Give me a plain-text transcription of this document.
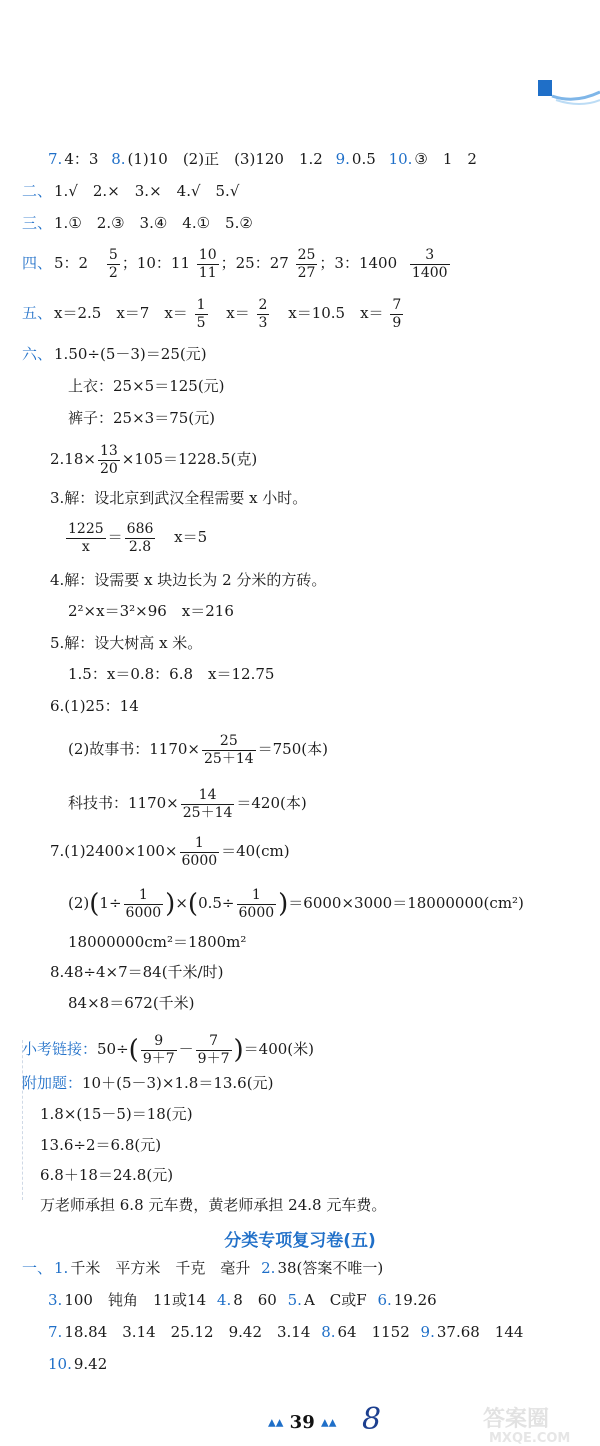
7. 4：3 8. (1)10　(2)正　(3)120　1.2 9. 0.5 10. ③　1　2
二、 1.√　2.×　3.×　4.√　5.√
三、 1.①　2.③　3.④　4.①　5.②
四、 5：$2 \frac{5}{2}$ ；10：$11 \frac{10}{11}$ ；25：$27 \frac{25}{27}$ ；3：$1400 \frac{3}{1400}$
五、 x＝2.5　x＝7　$x= \frac{1}{5} x= \frac{2}{3} x=10.5$　$x= \frac{7}{9}$
六、 1.50÷(5－3)＝25(元)
上衣：25×5＝125(元)
裤子：25×3＝75(元)
$2.18\times \frac{13}{20} \times 105=1228.5$(克)
3.解：设北京到武汉全程需要 x 小时。
$\frac{1225}{x} = \frac{686}{2.8} x=5$
4.解：设需要 x 块边长为 2 分米的方砖。
2²×x＝3²×96　x＝216
5.解：设大树高 x 米。
1.5：x＝0.8：6.8　x＝12.75
6.(1)25：14
(2)故事书：$1170\times \frac{25}{25+14} =750$(本)
科技书：$1170\times \frac{14}{25+14} =420$(本)
$7.(1)2400\times 100\times \frac{1}{6000} =40(cm)$
$(2)(1\div \frac{1}{6000} )\times(0.5\div \frac{1}{6000} )=6000\times 3000=18000000(cm^2)$
18000000cm²＝1800m²
8.48÷4×7＝84(千米/时)
84×8＝672(千米)
小考链接：$50\div( \frac{9}{9+7} - \frac{7}{9+7} )=400$(米)
附加题：10＋(5－3)×1.8＝13.6(元)
1.8×(15－5)＝18(元)
13.6÷2＝6.8(元)
6.8＋18＝24.8(元)
万老师承担 6.8 元车费，黄老师承担 24.8 元车费。
分类专项复习卷(五)
一、 1. 千米　平方米　千克　毫升 2. 38(答案不唯一)
3. 100　钝角　11或14 4. 8　60 5. A　C或F 6. 19.26
7. 18.84　3.14　25.12　9.42　3.14 8. 64　1152 9. 37.68　144
10. 9.42
▲▲ 39 ▲▲ 8	答案圈
MXQE.COM
